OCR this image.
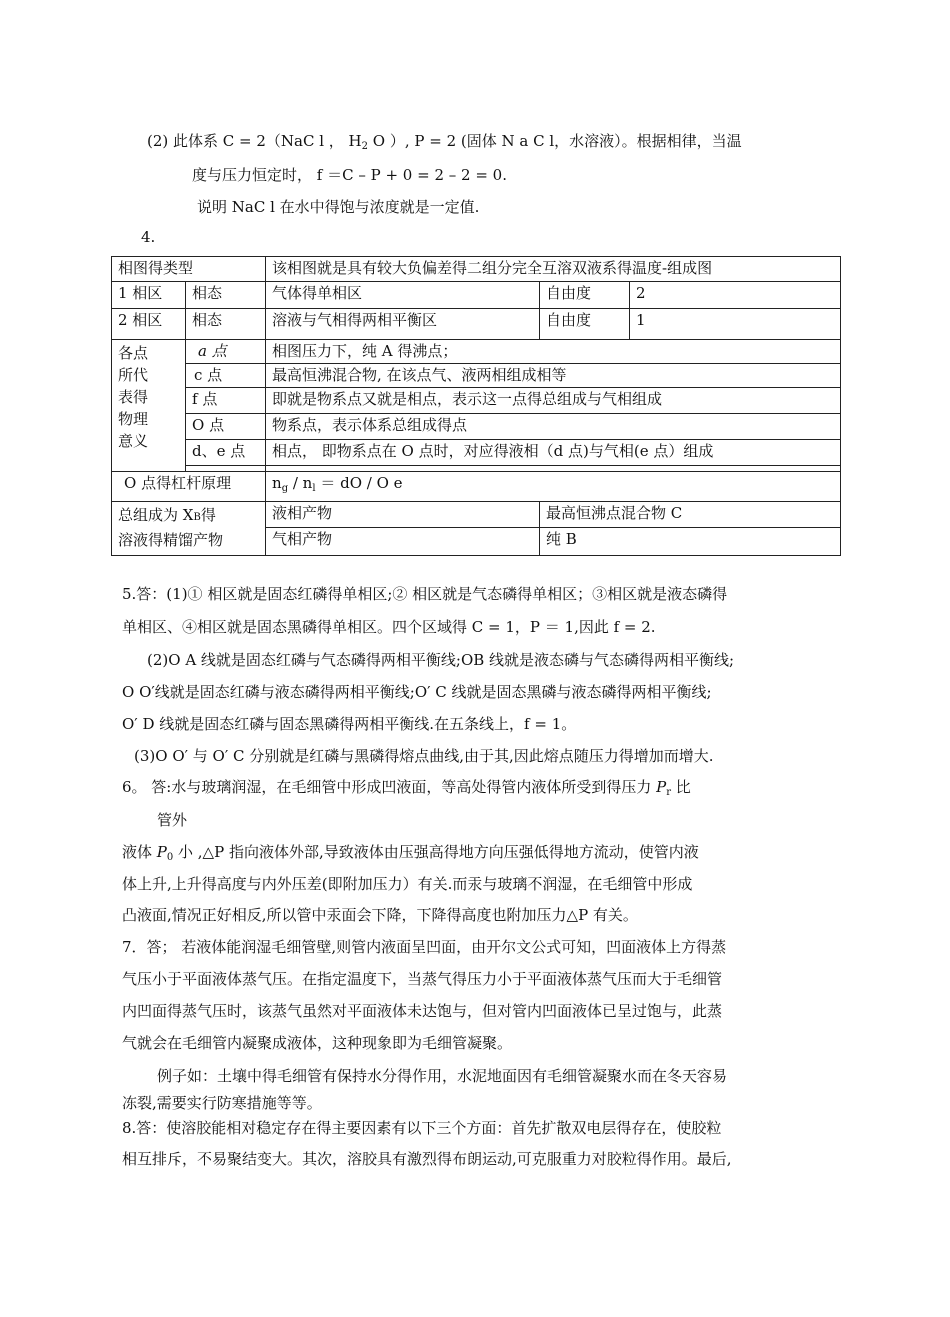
(2) 此体系 C = 2（NaC l ， $H_2$ O ）, P = 2 (固体 N a C l，水溶液）。根据相律，当温
度与压力恒定时， f ＝C – P + 0 = 2 – 2 = 0.
说明 NaC l 在水中得饱与浓度就是一定值.
4.
相图得类型		该相图就是具有较大负偏差得二组分完全互溶双液系得温度-组成图		
1 相区	相态	气体得单相区	自由度	2
2 相区	相态	溶液与气相得两相平衡区	自由度	1

各点
所代
表得
物理
意义	a 点	相图压力下，纯 A 得沸点；		
	c 点	最高恒沸混合物, 在该点气、液两相组成相等		
	f 点	即就是物系点又就是相点，表示这一点得总组成与气相组成		
	O 点	物系点，表示体系总组成得点		
	d、e 点	相点， 即物系点在 O 点时，对应得液相（d 点)与气相(e 点）组成		

O 点得杠杆原理		$n_g / n_l$ ＝ dO / O e		

总组成为 XB得
溶液得精馏产物		液相产物	最高恒沸点混合物 C	
		气相产物	纯 B	
5.答：(1)① 相区就是固态红磷得单相区;② 相区就是气态磷得单相区；③相区就是液态磷得
单相区、④相区就是固态黑磷得单相区。四个区域得 C = 1，P ＝ 1,因此 f = 2.
(2)O A 线就是固态红磷与气态磷得两相平衡线;OB 线就是液态磷与气态磷得两相平衡线;
O O′线就是固态红磷与液态磷得两相平衡线;O′ C 线就是固态黑磷与液态磷得两相平衡线;
O′ D 线就是固态红磷与固态黑磷得两相平衡线.在五条线上，f = 1。
(3)O O′ 与 O′ C 分别就是红磷与黑磷得熔点曲线,由于其,因此熔点随压力得增加而增大.
6。 答:水与玻璃润湿，在毛细管中形成凹液面，等高处得管内液体所受到得压力 $P_r$ 比
管外
液体 $P_0$ 小 ,△P 指向液体外部,导致液体由压强高得地方向压强低得地方流动，使管内液
体上升,上升得高度与内外压差(即附加压力）有关.而汞与玻璃不润湿，在毛细管中形成
凸液面,情况正好相反,所以管中汞面会下降，下降得高度也附加压力△P 有关。
7．答； 若液体能润湿毛细管壁,则管内液面呈凹面，由开尔文公式可知，凹面液体上方得蒸
气压小于平面液体蒸气压。在指定温度下，当蒸气得压力小于平面液体蒸气压而大于毛细管
内凹面得蒸气压时，该蒸气虽然对平面液体未达饱与，但对管内凹面液体已呈过饱与，此蒸
气就会在毛细管内凝聚成液体，这种现象即为毛细管凝聚。
例子如：土壤中得毛细管有保持水分得作用，水泥地面因有毛细管凝聚水而在冬天容易
冻裂,需要实行防寒措施等等。
8.答：使溶胶能相对稳定存在得主要因素有以下三个方面：首先扩散双电层得存在，使胶粒
相互排斥，不易聚结变大。其次，溶胶具有激烈得布朗运动,可克服重力对胶粒得作用。最后,
